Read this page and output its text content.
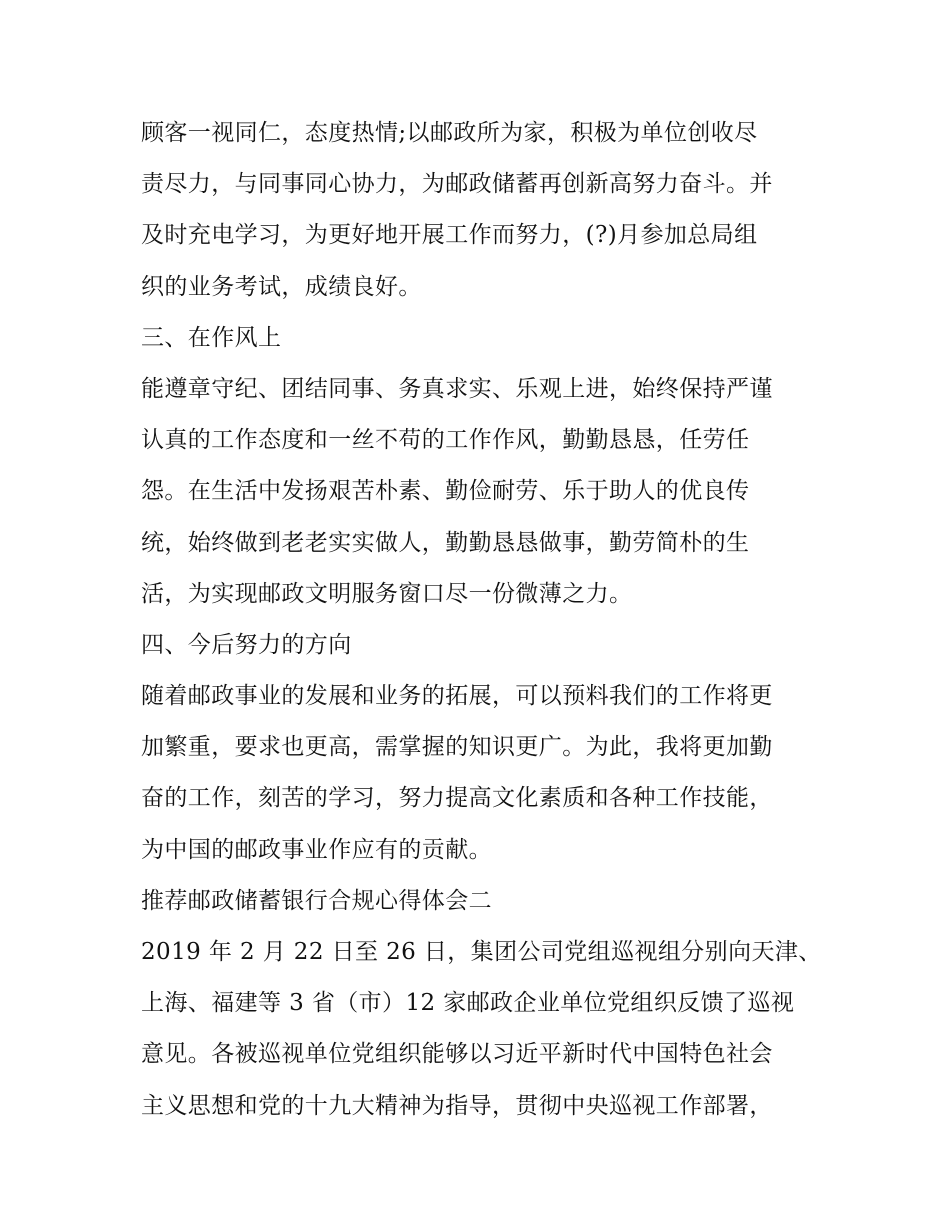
顾客一视同仁，态度热情;以邮政所为家，积极为单位创收尽
责尽力，与同事同心协力，为邮政储蓄再创新高努力奋斗。并
及时充电学习，为更好地开展工作而努力，(?)月参加总局组
织的业务考试，成绩良好。
三、在作风上
能遵章守纪、团结同事、务真求实、乐观上进，始终保持严谨
认真的工作态度和一丝不苟的工作作风，勤勤恳恳，任劳任
怨。在生活中发扬艰苦朴素、勤俭耐劳、乐于助人的优良传
统，始终做到老老实实做人，勤勤恳恳做事，勤劳简朴的生
活，为实现邮政文明服务窗口尽一份微薄之力。
四、今后努力的方向
随着邮政事业的发展和业务的拓展，可以预料我们的工作将更
加繁重，要求也更高，需掌握的知识更广。为此，我将更加勤
奋的工作，刻苦的学习，努力提高文化素质和各种工作技能，
为中国的邮政事业作应有的贡献。
推荐邮政储蓄银行合规心得体会二
2019 年 2 月 22 日至 26 日，集团公司党组巡视组分别向天津、
上海、福建等 3 省（市）12 家邮政企业单位党组织反馈了巡视
意见。各被巡视单位党组织能够以习近平新时代中国特色社会
主义思想和党的十九大精神为指导，贯彻中央巡视工作部署，
